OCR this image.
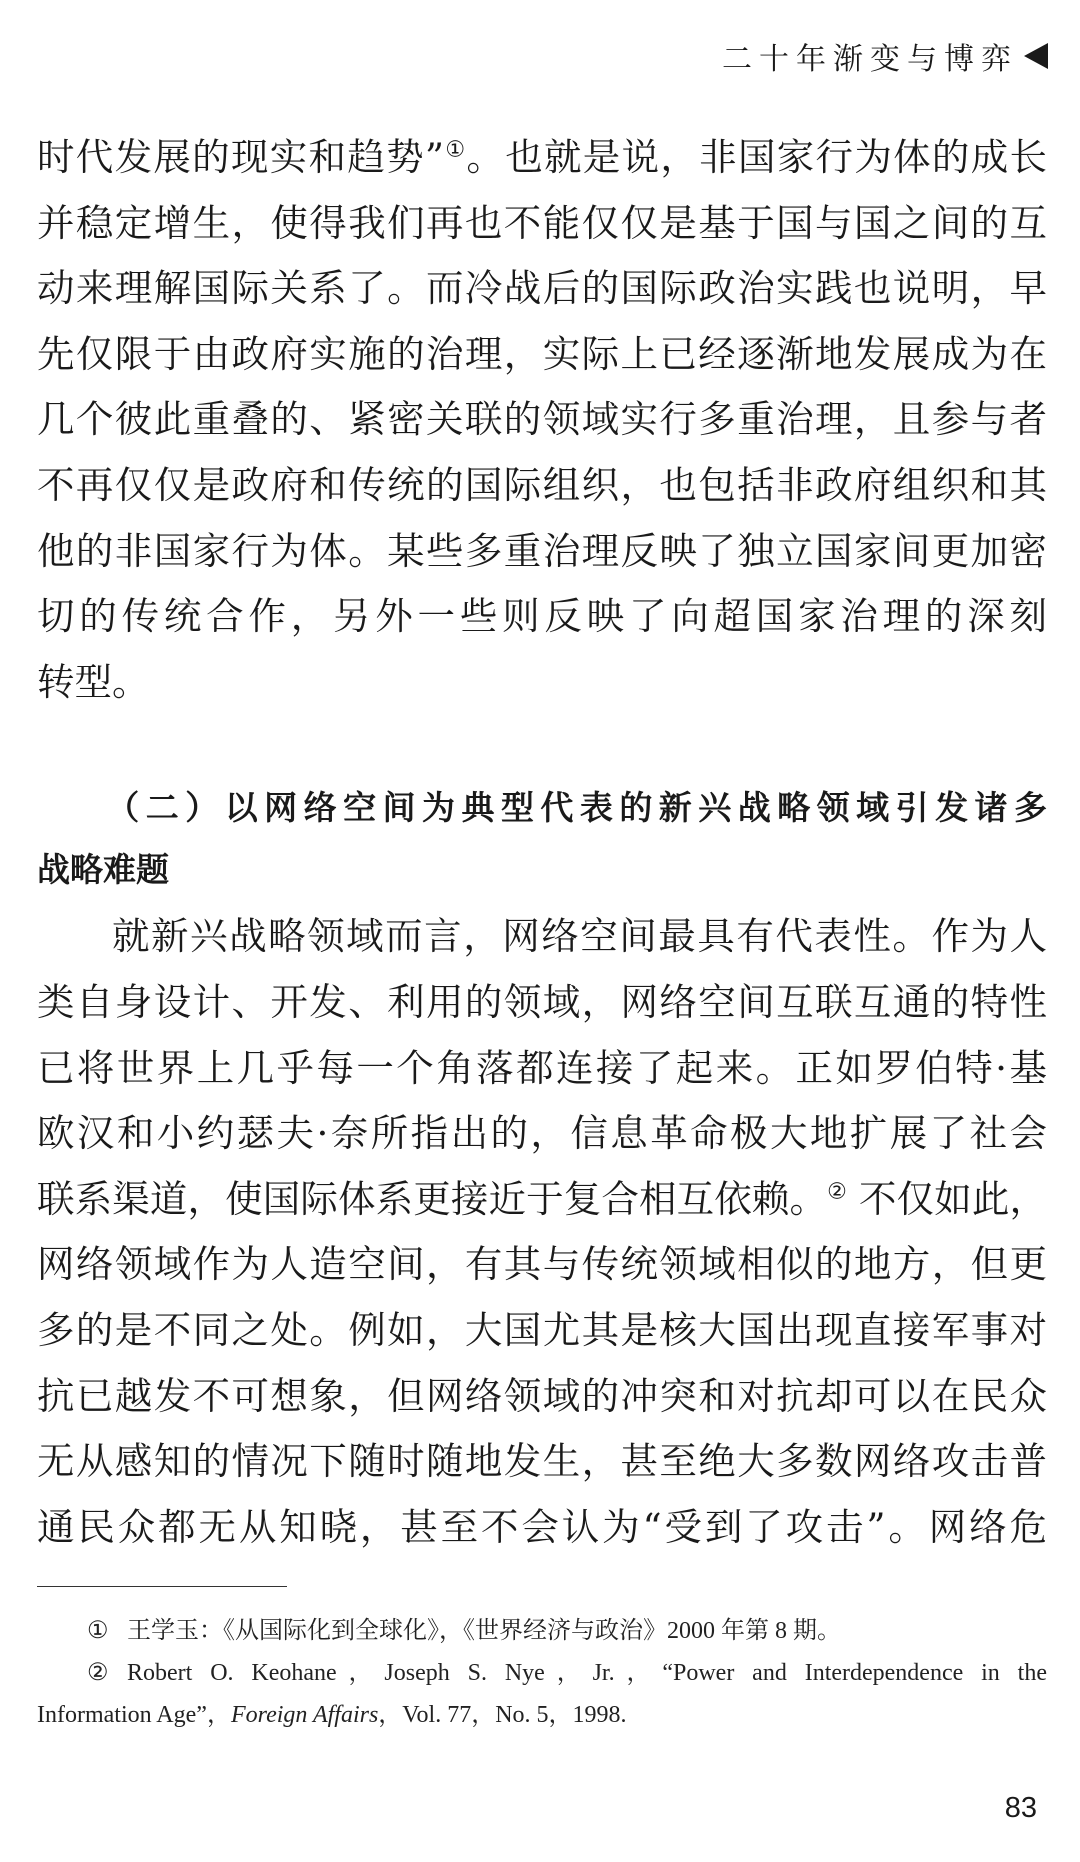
二十年渐变与博弈
时代发展的现实和趋势”①。也就是说，非国家行为体的成长
并稳定增生，使得我们再也不能仅仅是基于国与国之间的互
动来理解国际关系了。而冷战后的国际政治实践也说明，早
先仅限于由政府实施的治理，实际上已经逐渐地发展成为在
几个彼此重叠的、紧密关联的领域实行多重治理，且参与者
不再仅仅是政府和传统的国际组织，也包括非政府组织和其
他的非国家行为体。某些多重治理反映了独立国家间更加密
切的传统合作，另外一些则反映了向超国家治理的深刻
转型。
（二）以网络空间为典型代表的新兴战略领域引发诸多
战略难题
就新兴战略领域而言，网络空间最具有代表性。作为人
类自身设计、开发、利用的领域，网络空间互联互通的特性
已将世界上几乎每一个角落都连接了起来。正如罗伯特·基
欧汉和小约瑟夫·奈所指出的，信息革命极大地扩展了社会
联系渠道，使国际体系更接近于复合相互依赖。② 不仅如此，
网络领域作为人造空间，有其与传统领域相似的地方，但更
多的是不同之处。例如，大国尤其是核大国出现直接军事对
抗已越发不可想象，但网络领域的冲突和对抗却可以在民众
无从感知的情况下随时随地发生，甚至绝大多数网络攻击普
通民众都无从知晓，甚至不会认为“受到了攻击”。网络危

① 王学玉：《从国际化到全球化》，《世界经济与政治》2000 年第 8 期。

② Robert O. Keohane，Joseph S. Nye，Jr.，“Power and Interdependence in the
Information Age”，Foreign Affairs，Vol. 77，No. 5，1998.

83
